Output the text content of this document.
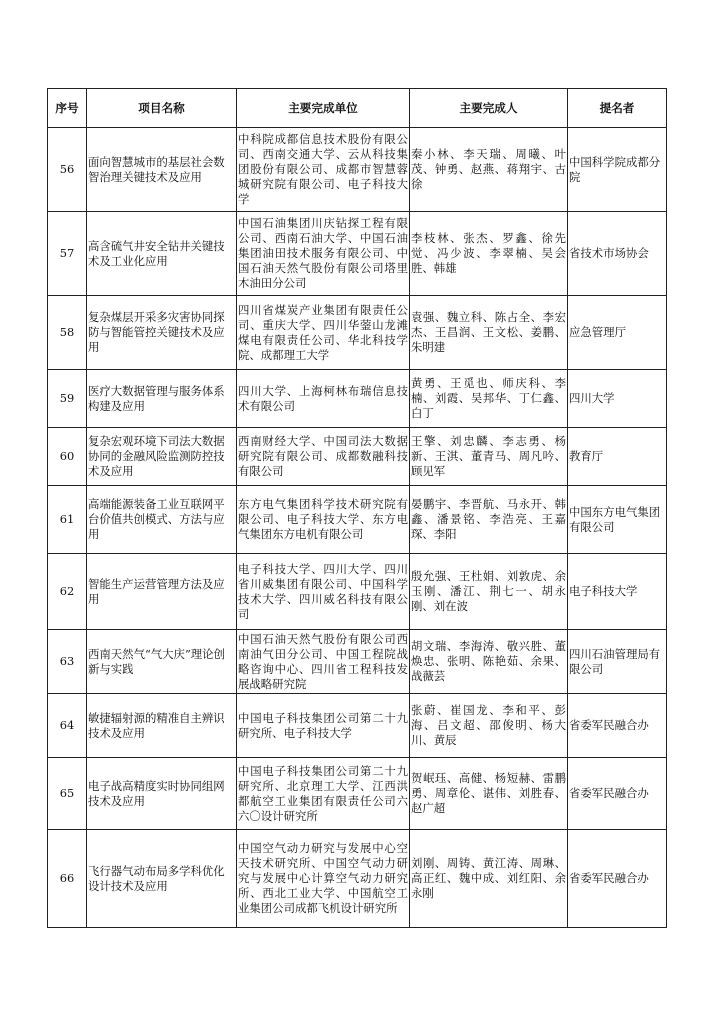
序号	项目名称	主要完成单位	主要完成人	提名者
56	面向智慧城市的基层社会数智治理关键技术及应用	中科院成都信息技术股份有限公司、西南交通大学、云从科技集团股份有限公司、成都市智慧蓉城研究院有限公司、电子科技大学	秦小林、李天瑞、周曦、叶茂、钟勇、赵燕、蒋翔宇、古徐	中国科学院成都分院
57	高含硫气井安全钻井关键技术及工业化应用	中国石油集团川庆钻探工程有限公司、西南石油大学、中国石油集团油田技术服务有限公司、中国石油天然气股份有限公司塔里木油田分公司	李枝林、张杰、罗鑫、徐先觉、冯少波、李翠楠、吴会胜、韩雄	省技术市场协会
58	复杂煤层开采多灾害协同探防与智能管控关键技术及应用	四川省煤炭产业集团有限责任公司、重庆大学、四川华蓥山龙滩煤电有限责任公司、华北科技学院、成都理工大学	袁强、魏立科、陈占全、李宏杰、王昌润、王文松、姜鹏、朱明建	应急管理厅
59	医疗大数据管理与服务体系构建及应用	四川大学、上海柯林布瑞信息技术有限公司	黄勇、王觅也、师庆科、李楠、刘霞、吴邦华、丁仁鑫、白丁	四川大学
60	复杂宏观环境下司法大数据协同的金融风险监测防控技术及应用	西南财经大学、中国司法大数据研究院有限公司、成都数融科技有限公司	王擎、刘忠麟、李志勇、杨新、王淇、董青马、周凡吟、顾见军	教育厅
61	高端能源装备工业互联网平台价值共创模式、方法与应用	东方电气集团科学技术研究院有限公司、电子科技大学、东方电气集团东方电机有限公司	晏鹏宇、李晋航、马永开、韩鑫、潘景铭、李浩亮、王嘉琛、李阳	中国东方电气集团有限公司
62	智能生产运营管理方法及应用	电子科技大学、四川大学、四川省川威集团有限公司、中国科学技术大学、四川威名科技有限公司	殷允强、王杜娟、刘敦虎、余玉刚、潘江、荆七一、胡永刚、刘在波	电子科技大学
63	西南天然气“气大庆”理论创新与实践	中国石油天然气股份有限公司西南油气田分公司、中国工程院战略咨询中心、四川省工程科技发展战略研究院	胡文瑞、李海涛、敬兴胜、董焕忠、张明、陈艳茹、余果、战薇芸	四川石油管理局有限公司
64	敏捷辐射源的精准自主辨识技术及应用	中国电子科技集团公司第二十九研究所、电子科技大学	张蔚、崔国龙、李和平、彭海、吕文超、邵俊明、杨大川、黄辰	省委军民融合办
65	电子战高精度实时协同组网技术及应用	中国电子科技集团公司第二十九研究所、北京理工大学、江西洪都航空工业集团有限责任公司六六〇设计研究所	贺岷珏、高健、杨短赫、雷鹏勇、周章伦、谌伟、刘胜春、赵广超	省委军民融合办
66	飞行器气动布局多学科优化设计技术及应用	中国空气动力研究与发展中心空天技术研究所、中国空气动力研究与发展中心计算空气动力研究所、西北工业大学、中国航空工业集团公司成都飞机设计研究所	刘刚、周铸、黄江涛、周琳、高正红、魏中成、刘红阳、余永刚	省委军民融合办
